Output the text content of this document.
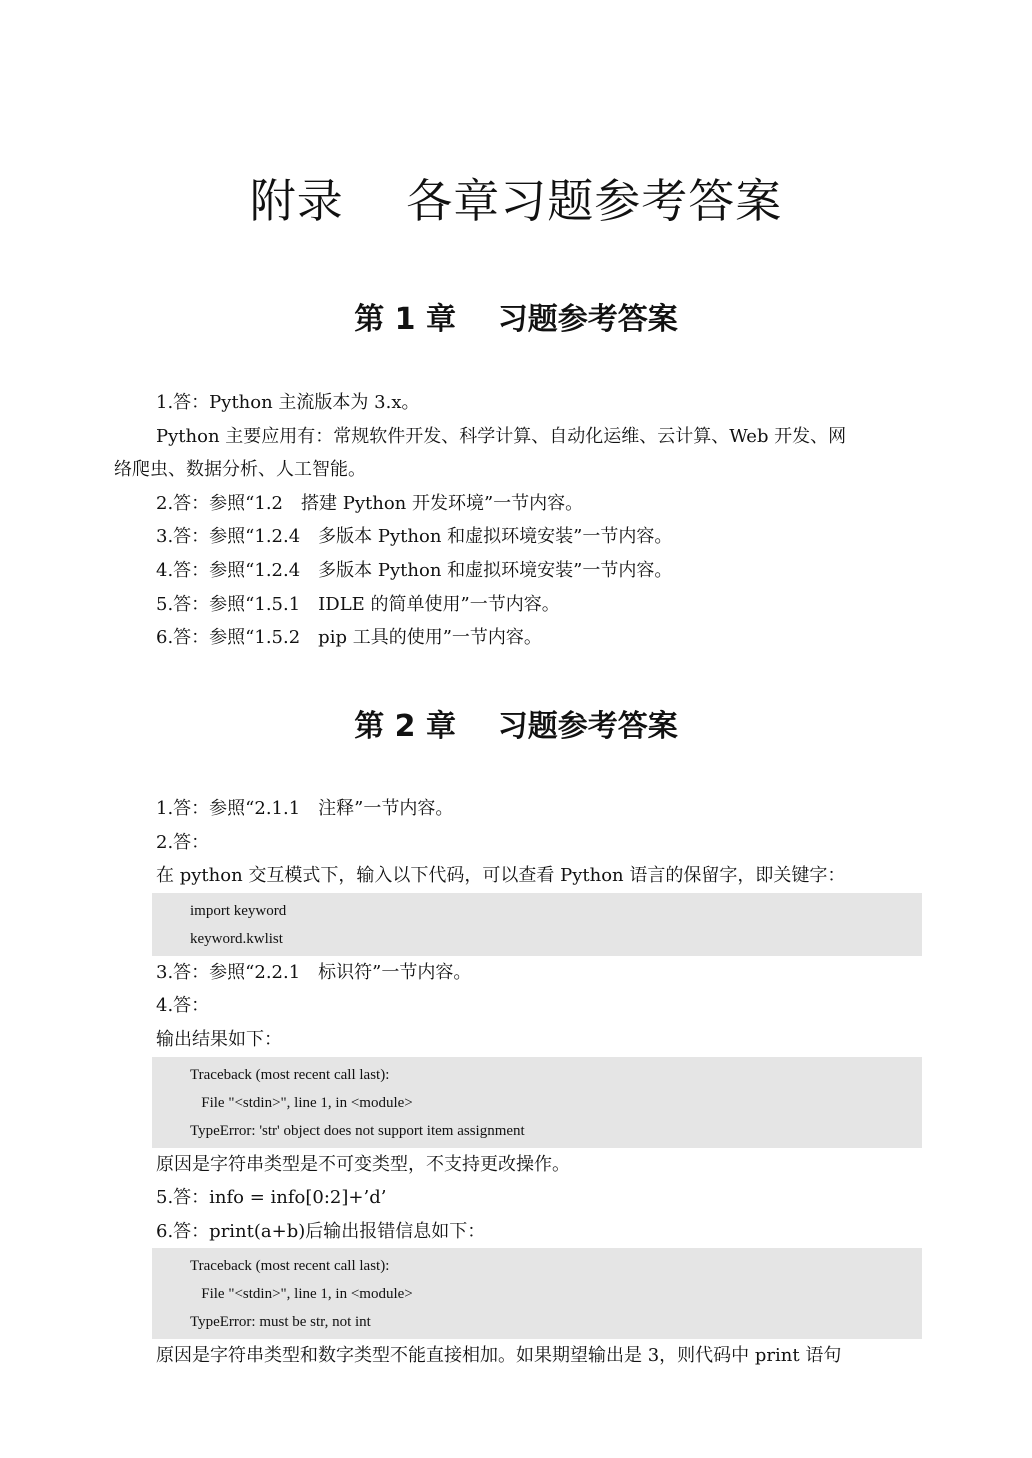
附录    各章习题参考答案
第 1 章    习题参考答案
1.答：Python 主流版本为 3.x。
Python 主要应用有：常规软件开发、科学计算、自动化运维、云计算、Web 开发、网
络爬虫、数据分析、人工智能。
2.答：参照“1.2　搭建 Python 开发环境”一节内容。
3.答：参照“1.2.4　多版本 Python 和虚拟环境安装”一节内容。
4.答：参照“1.2.4　多版本 Python 和虚拟环境安装”一节内容。
5.答：参照“1.5.1　IDLE 的简单使用”一节内容。
6.答：参照“1.5.2　pip 工具的使用”一节内容。
第 2 章    习题参考答案
1.答：参照“2.1.1　注释”一节内容。
2.答：
在 python 交互模式下，输入以下代码，可以查看 Python 语言的保留字，即关键字：
import keyword
keyword.kwlist
3.答：参照“2.2.1　标识符”一节内容。
4.答：
输出结果如下：
Traceback (most recent call last):
File "<stdin>", line 1, in <module>
TypeError: 'str' object does not support item assignment
原因是字符串类型是不可变类型，不支持更改操作。
5.答：info = info[0:2]+’d’
6.答：print(a+b)后输出报错信息如下：
Traceback (most recent call last):
File "<stdin>", line 1, in <module>
TypeError: must be str, not int
原因是字符串类型和数字类型不能直接相加。如果期望输出是 3，则代码中 print 语句
